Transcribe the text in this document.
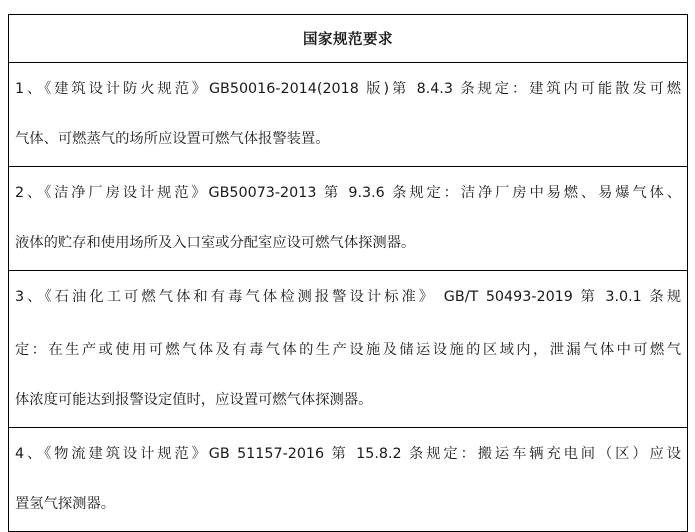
国家规范要求
1、《建筑设计防火规范》GB50016-2014(2018 版)第 8.4.3 条规定：建筑内可能散发可燃
气体、可燃蒸气的场所应设置可燃气体报警装置。
2、《洁净厂房设计规范》GB50073-2013 第 9.3.6 条规定：洁净厂房中易燃、易爆气体、
液体的贮存和使用场所及入口室或分配室应设可燃气体探测器。
3、《石油化工可燃气体和有毒气体检测报警设计标准》 GB/T 50493-2019 第 3.0.1 条规
定：在生产或使用可燃气体及有毒气体的生产设施及储运设施的区域内，泄漏气体中可燃气
体浓度可能达到报警设定值时，应设置可燃气体探测器。
4、《物流建筑设计规范》GB 51157-2016 第 15.8.2 条规定：搬运车辆充电间（区）应设
置氢气探测器。
